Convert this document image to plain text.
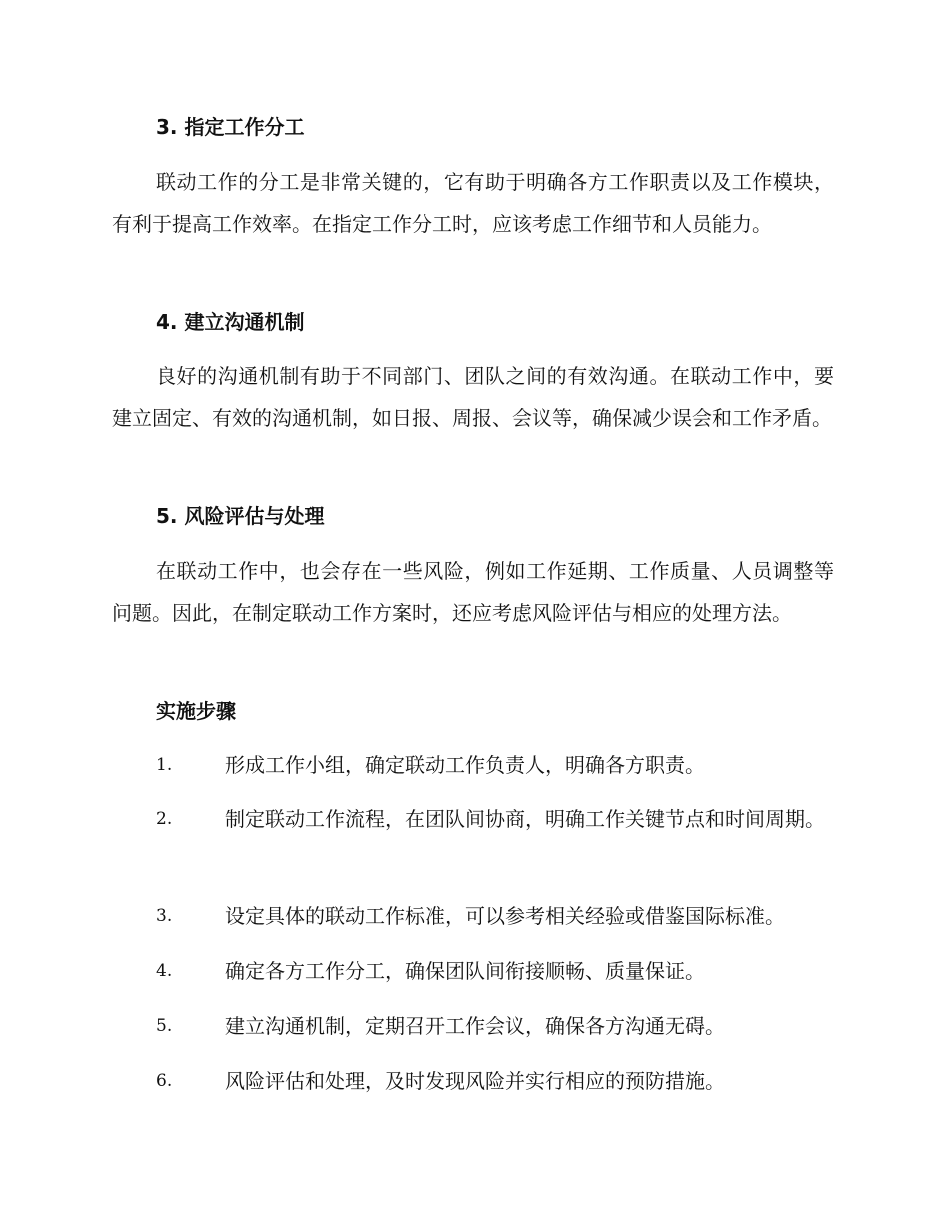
3. 指定工作分工
联动工作的分工是非常关键的，它有助于明确各方工作职责以及工作模块，有利于提高工作效率。在指定工作分工时，应该考虑工作细节和人员能力。
4. 建立沟通机制
良好的沟通机制有助于不同部门、团队之间的有效沟通。在联动工作中，要建立固定、有效的沟通机制，如日报、周报、会议等，确保减少误会和工作矛盾。
5. 风险评估与处理
在联动工作中，也会存在一些风险，例如工作延期、工作质量、人员调整等问题。因此，在制定联动工作方案时，还应考虑风险评估与相应的处理方法。
实施步骤
1.	形成工作小组，确定联动工作负责人，明确各方职责。
2.	制定联动工作流程，在团队间协商，明确工作关键节点和时间周期。
3.	设定具体的联动工作标准，可以参考相关经验或借鉴国际标准。
4.	确定各方工作分工，确保团队间衔接顺畅、质量保证。
5.	建立沟通机制，定期召开工作会议，确保各方沟通无碍。
6.	风险评估和处理，及时发现风险并实行相应的预防措施。
